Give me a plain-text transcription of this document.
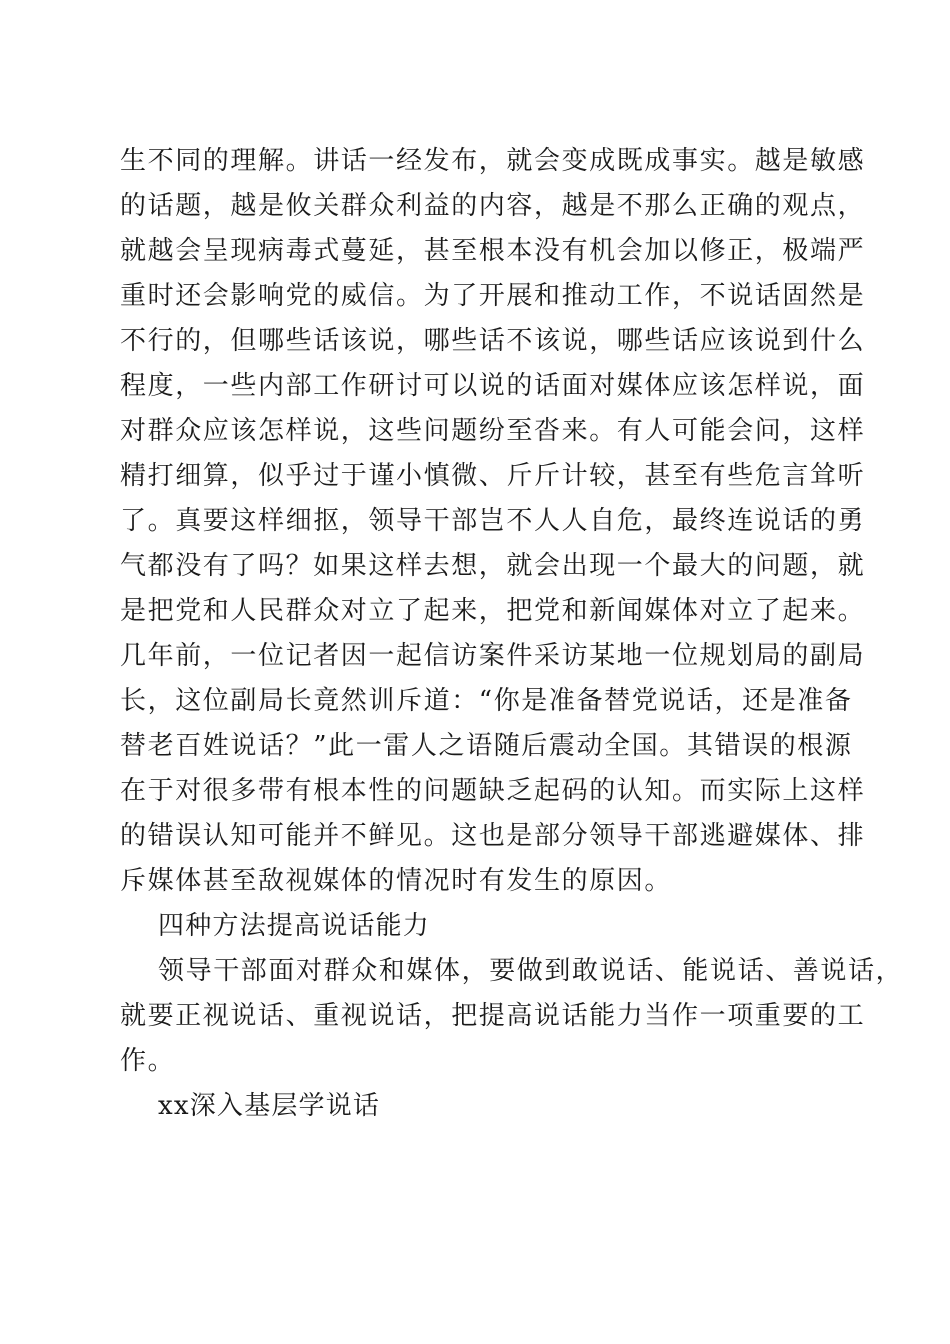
生不同的理解。讲话一经发布，就会变成既成事实。越是敏感
的话题，越是攸关群众利益的内容，越是不那么正确的观点，
就越会呈现病毒式蔓延，甚至根本没有机会加以修正，极端严
重时还会影响党的威信。为了开展和推动工作，不说话固然是
不行的，但哪些话该说，哪些话不该说，哪些话应该说到什么
程度，一些内部工作研讨可以说的话面对媒体应该怎样说，面
对群众应该怎样说，这些问题纷至沓来。有人可能会问，这样
精打细算，似乎过于谨小慎微、斤斤计较，甚至有些危言耸听
了。真要这样细抠，领导干部岂不人人自危，最终连说话的勇
气都没有了吗？如果这样去想，就会出现一个最大的问题，就
是把党和人民群众对立了起来，把党和新闻媒体对立了起来。
几年前，一位记者因一起信访案件采访某地一位规划局的副局
长，这位副局长竟然训斥道：“你是准备替党说话，还是准备
替老百姓说话？”此一雷人之语随后震动全国。其错误的根源
在于对很多带有根本性的问题缺乏起码的认知。而实际上这样
的错误认知可能并不鲜见。这也是部分领导干部逃避媒体、排
斥媒体甚至敌视媒体的情况时有发生的原因。
四种方法提高说话能力
领导干部面对群众和媒体，要做到敢说话、能说话、善说话，
就要正视说话、重视说话，把提高说话能力当作一项重要的工
作。
xx深入基层学说话
